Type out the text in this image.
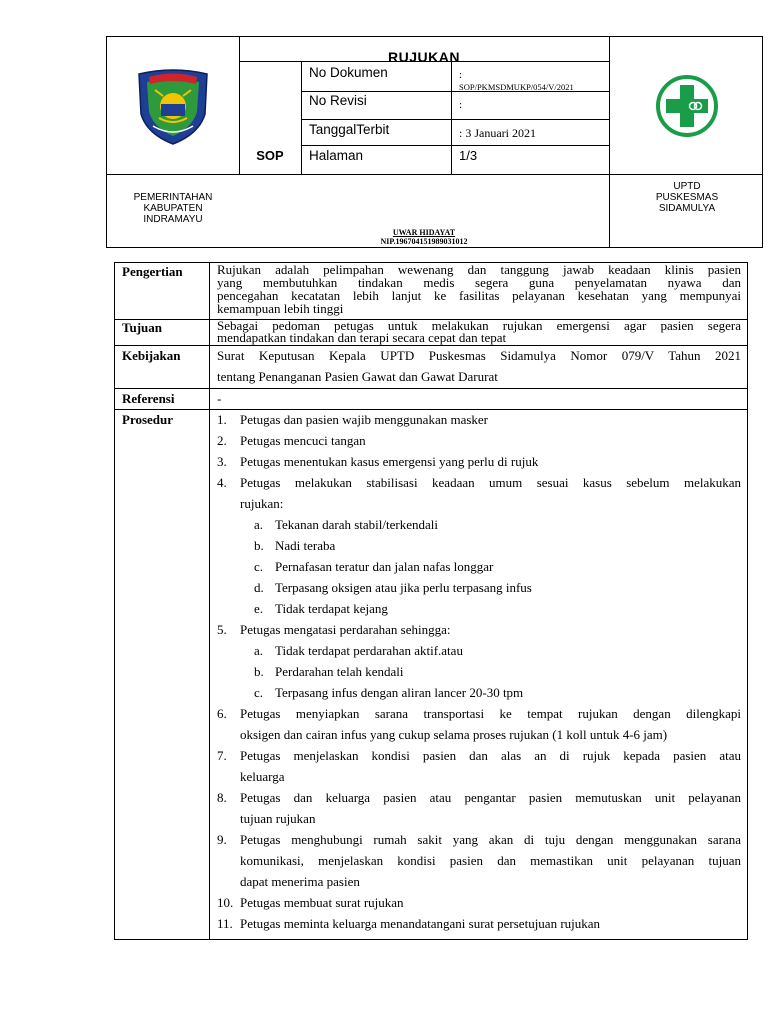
RUJUKAN
SOP
No Dokumen	:
SOP/PKMSDMUKP/054/V/2021
No Revisi	:
TanggalTerbit	: 3 Januari 2021
Halaman	1/3
PEMERINTAHAN
KABUPATEN
INDRAMAYU
UPTD
PUSKESMAS
SIDAMULYA
UWAR HIDAYAT
NIP.196704151989031012
Pengertian	Rujukan adalah pelimpahan wewenang dan tanggung jawab keadaan klinis pasien
yang membutuhkan tindakan medis segera guna penyelamatan nyawa dan
pencegahan kecatatan lebih lanjut ke fasilitas pelayanan kesehatan yang mempunyai
kemampuan lebih tinggi
Tujuan	Sebagai pedoman petugas untuk melakukan rujukan emergensi agar pasien segera
mendapatkan tindakan dan terapi secara cepat dan tepat
Kebijakan	Surat Keputusan Kepala UPTD Puskesmas Sidamulya Nomor 079/V Tahun 2021
tentang Penanganan Pasien Gawat dan Gawat Darurat
Referensi	-
Prosedur	1. Petugas dan pasien wajib menggunakan masker
2. Petugas mencuci tangan
3. Petugas menentukan kasus emergensi yang perlu di rujuk
4. Petugas melakukan stabilisasi keadaan umum sesuai kasus sebelum melakukan
rujukan:
a. Tekanan darah stabil/terkendali
b. Nadi teraba
c. Pernafasan teratur dan jalan nafas longgar
d. Terpasang oksigen atau jika perlu terpasang infus
e. Tidak terdapat kejang
5. Petugas mengatasi perdarahan sehingga:
a. Tidak terdapat perdarahan aktif.atau
b. Perdarahan telah kendali
c. Terpasang infus dengan aliran lancer 20-30 tpm
6. Petugas menyiapkan sarana transportasi ke tempat rujukan dengan dilengkapi
oksigen dan cairan infus yang cukup selama proses rujukan (1 koll untuk 4-6 jam)
7. Petugas menjelaskan kondisi pasien dan alas an di rujuk kepada pasien atau
keluarga
8. Petugas dan keluarga pasien atau pengantar pasien memutuskan unit pelayanan
tujuan rujukan
9. Petugas menghubungi rumah sakit yang akan di tuju dengan menggunakan sarana
komunikasi, menjelaskan kondisi pasien dan memastikan unit pelayanan tujuan
dapat menerima pasien
10. Petugas membuat surat rujukan
11. Petugas meminta keluarga menandatangani surat persetujuan rujukan
